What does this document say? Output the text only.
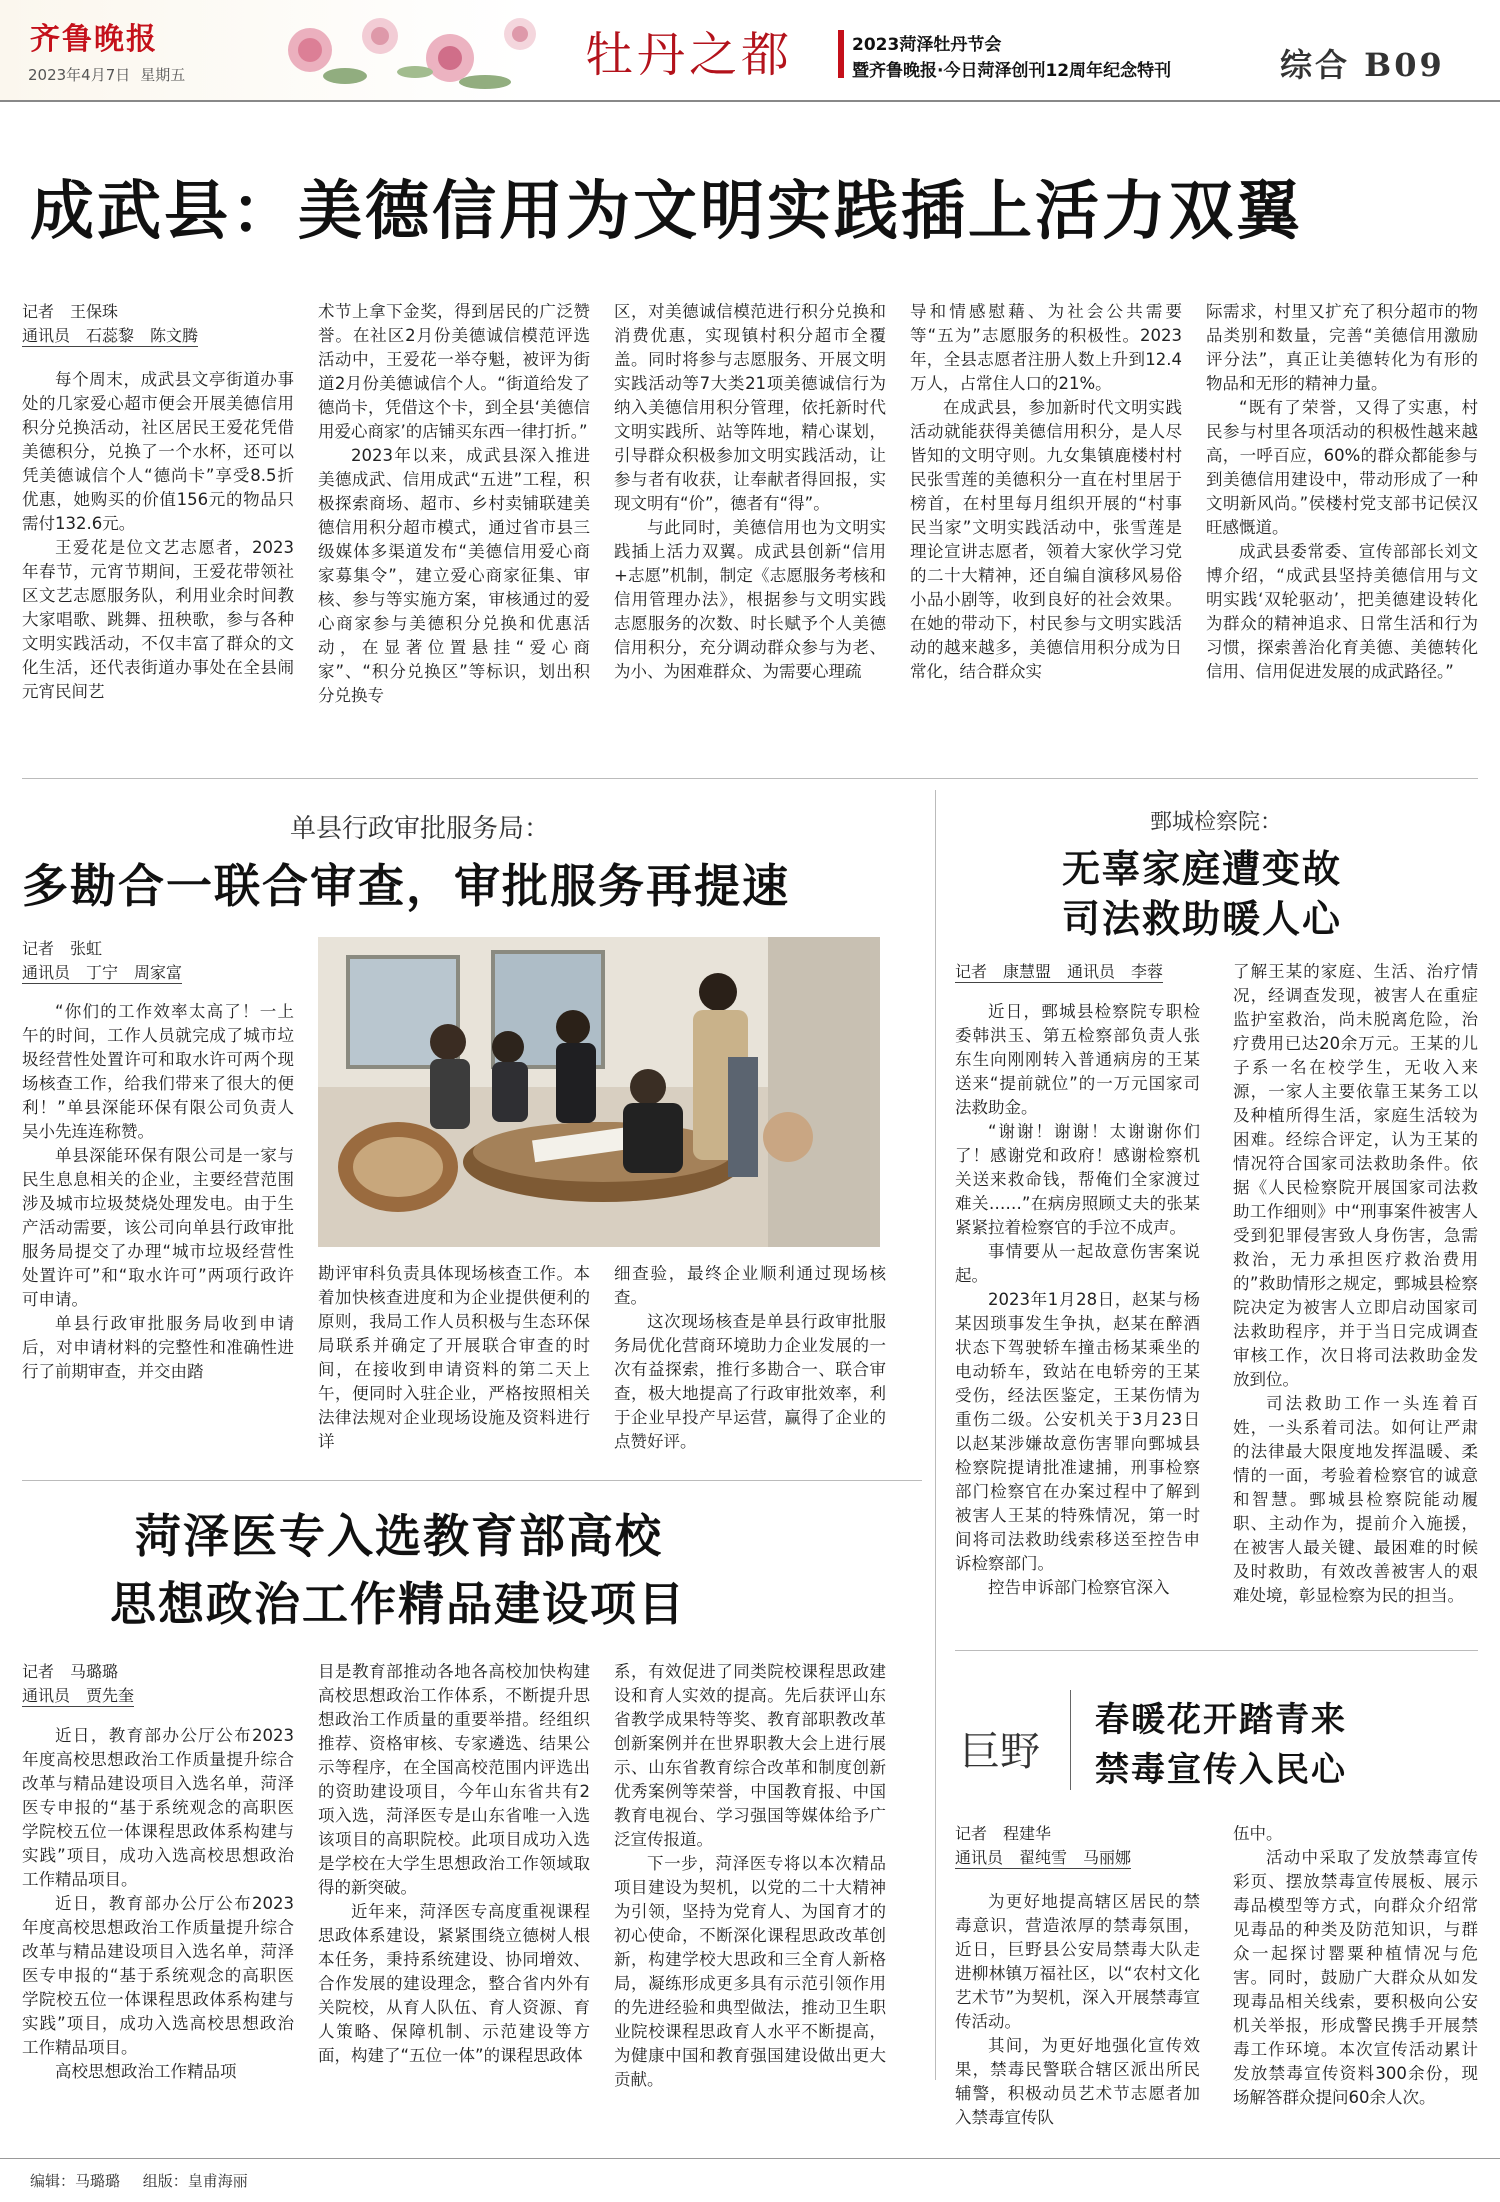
齐鲁晚报
2023年4月7日 星期五	牡丹之都	2023菏泽牡丹节会
暨齐鲁晚报·今日菏泽创刊12周年纪念特刊	综合 B09
成武县：美德信用为文明实践插上活力双翼
记者　王保珠
通讯员　石蕊黎　陈文腾

每个周末，成武县文亭街道办事处的几家爱心超市便会开展美德信用积分兑换活动，社区居民王爱花凭借美德积分，兑换了一个水杯，还可以凭美德诚信个人“德尚卡”享受8.5折优惠，她购买的价值156元的物品只需付132.6元。

王爱花是位文艺志愿者，2023年春节，元宵节期间，王爱花带领社区文艺志愿服务队，利用业余时间教大家唱歌、跳舞、扭秧歌，参与各种文明实践活动，不仅丰富了群众的文化生活，还代表街道办事处在全县闹元宵民间艺

术节上拿下金奖，得到居民的广泛赞誉。在社区2月份美德诚信模范评选活动中，王爱花一举夺魁，被评为街道2月份美德诚信个人。“街道给发了德尚卡，凭借这个卡，到全县‘美德信用爱心商家’的店铺买东西一律打折。”

2023年以来，成武县深入推进美德成武、信用成武“五进”工程，积极探索商场、超市、乡村卖铺联建美德信用积分超市模式，通过省市县三级媒体多渠道发布“美德信用爱心商家募集令”，建立爱心商家征集、审核、参与等实施方案，审核通过的爱心商家参与美德积分兑换和优惠活动，在显著位置悬挂“爱心商家”、“积分兑换区”等标识，划出积分兑换专

区，对美德诚信模范进行积分兑换和消费优惠，实现镇村积分超市全覆盖。同时将参与志愿服务、开展文明实践活动等7大类21项美德诚信行为纳入美德信用积分管理，依托新时代文明实践所、站等阵地，精心谋划，引导群众积极参加文明实践活动，让参与者有收获，让奉献者得回报，实现文明有“价”，德者有“得”。

与此同时，美德信用也为文明实践插上活力双翼。成武县创新“信用+志愿”机制，制定《志愿服务考核和信用管理办法》，根据参与文明实践志愿服务的次数、时长赋予个人美德信用积分，充分调动群众参与为老、为小、为困难群众、为需要心理疏

导和情感慰藉、为社会公共需要等“五为”志愿服务的积极性。2023年，全县志愿者注册人数上升到12.4万人，占常住人口的21%。

在成武县，参加新时代文明实践活动就能获得美德信用积分，是人尽皆知的文明守则。九女集镇鹿楼村村民张雪莲的美德积分一直在村里居于榜首，在村里每月组织开展的“村事民当家”文明实践活动中，张雪莲是理论宣讲志愿者，领着大家伙学习党的二十大精神，还自编自演移风易俗小品小剧等，收到良好的社会效果。在她的带动下，村民参与文明实践活动的越来越多，美德信用积分成为日常化，结合群众实

际需求，村里又扩充了积分超市的物品类别和数量，完善“美德信用激励评分法”，真正让美德转化为有形的物品和无形的精神力量。

“既有了荣誉，又得了实惠，村民参与村里各项活动的积极性越来越高，一呼百应，60%的群众都能参与到美德信用建设中，带动形成了一种文明新风尚。”侯楼村党支部书记侯汉旺感慨道。

成武县委常委、宣传部部长刘文博介绍，“成武县坚持美德信用与文明实践‘双轮驱动’，把美德建设转化为群众的精神追求、日常生活和行为习惯，探索善治化育美德、美德转化信用、信用促进发展的成武路径。”

单县行政审批服务局：
多勘合一联合审查，审批服务再提速
记者　张虹
通讯员　丁宁　周家富

“你们的工作效率太高了！一上午的时间，工作人员就完成了城市垃圾经营性处置许可和取水许可两个现场核查工作，给我们带来了很大的便利！”单县深能环保有限公司负责人吴小先连连称赞。

单县深能环保有限公司是一家与民生息息相关的企业，主要经营范围涉及城市垃圾焚烧处理发电。由于生产活动需要，该公司向单县行政审批服务局提交了办理“城市垃圾经营性处置许可”和“取水许可”两项行政许可申请。

单县行政审批服务局收到申请后，对申请材料的完整性和准确性进行了前期审查，并交由踏

勘评审科负责具体现场核查工作。本着加快核查进度和为企业提供便利的原则，我局工作人员积极与生态环保局联系并确定了开展联合审查的时间，在接收到申请资料的第二天上午，便同时入驻企业，严格按照相关法律法规对企业现场设施及资料进行详

细查验，最终企业顺利通过现场核查。

这次现场核查是单县行政审批服务局优化营商环境助力企业发展的一次有益探索，推行多勘合一、联合审查，极大地提高了行政审批效率，利于企业早投产早运营，赢得了企业的点赞好评。

鄄城检察院：
无辜家庭遭变故
司法救助暖人心
记者　康慧盟　通讯员　李蓉

近日，鄄城县检察院专职检委韩洪玉、第五检察部负责人张东生向刚刚转入普通病房的王某送来“提前就位”的一万元国家司法救助金。

“谢谢！谢谢！太谢谢你们了！感谢党和政府！感谢检察机关送来救命钱，帮俺们全家渡过难关……”在病房照顾丈夫的张某紧紧拉着检察官的手泣不成声。

事情要从一起故意伤害案说起。

2023年1月28日，赵某与杨某因琐事发生争执，赵某在醉酒状态下驾驶轿车撞击杨某乘坐的电动轿车，致站在电轿旁的王某受伤，经法医鉴定，王某伤情为重伤二级。公安机关于3月23日以赵某涉嫌故意伤害罪向鄄城县检察院提请批准逮捕，刑事检察部门检察官在办案过程中了解到被害人王某的特殊情况，第一时间将司法救助线索移送至控告申诉检察部门。

控告申诉部门检察官深入

了解王某的家庭、生活、治疗情况，经调查发现，被害人在重症监护室救治，尚未脱离危险，治疗费用已达20余万元。王某的儿子系一名在校学生，无收入来源，一家人主要依靠王某务工以及种植所得生活，家庭生活较为困难。经综合评定，认为王某的情况符合国家司法救助条件。依据《人民检察院开展国家司法救助工作细则》中“刑事案件被害人受到犯罪侵害致人身伤害，急需救治，无力承担医疗救治费用的”救助情形之规定，鄄城县检察院决定为被害人立即启动国家司法救助程序，并于当日完成调查审核工作，次日将司法救助金发放到位。

司法救助工作一头连着百姓，一头系着司法。如何让严肃的法律最大限度地发挥温暖、柔情的一面，考验着检察官的诚意和智慧。鄄城县检察院能动履职、主动作为，提前介入施援，在被害人最关键、最困难的时候及时救助，有效改善被害人的艰难处境，彰显检察为民的担当。

菏泽医专入选教育部高校
思想政治工作精品建设项目
记者　马璐璐
通讯员　贾先奎

近日，教育部办公厅公布2023年度高校思想政治工作质量提升综合改革与精品建设项目入选名单，菏泽医专申报的“基于系统观念的高职医学院校五位一体课程思政体系构建与实践”项目，成功入选高校思想政治工作精品项目。

近日，教育部办公厅公布2023年度高校思想政治工作质量提升综合改革与精品建设项目入选名单，菏泽医专申报的“基于系统观念的高职医学院校五位一体课程思政体系构建与实践”项目，成功入选高校思想政治工作精品项目。

高校思想政治工作精品项

目是教育部推动各地各高校加快构建高校思想政治工作体系，不断提升思想政治工作质量的重要举措。经组织推荐、资格审核、专家遴选、结果公示等程序，在全国高校范围内评选出的资助建设项目，今年山东省共有2项入选，菏泽医专是山东省唯一入选该项目的高职院校。此项目成功入选是学校在大学生思想政治工作领域取得的新突破。

近年来，菏泽医专高度重视课程思政体系建设，紧紧围绕立德树人根本任务，秉持系统建设、协同增效、合作发展的建设理念，整合省内外有关院校，从育人队伍、育人资源、育人策略、保障机制、示范建设等方面，构建了“五位一体”的课程思政体

系，有效促进了同类院校课程思政建设和育人实效的提高。先后获评山东省教学成果特等奖、教育部职教改革创新案例并在世界职教大会上进行展示、山东省教育综合改革和制度创新优秀案例等荣誉，中国教育报、中国教育电视台、学习强国等媒体给予广泛宣传报道。

下一步，菏泽医专将以本次精品项目建设为契机，以党的二十大精神为引领，坚持为党育人、为国育才的初心使命，不断深化课程思政改革创新，构建学校大思政和三全育人新格局，凝练形成更多具有示范引领作用的先进经验和典型做法，推动卫生职业院校课程思政育人水平不断提高，为健康中国和教育强国建设做出更大贡献。

巨野
春暖花开踏青来
禁毒宣传入民心
记者　程建华
通讯员　翟纯雪　马丽娜

为更好地提高辖区居民的禁毒意识，营造浓厚的禁毒氛围，近日，巨野县公安局禁毒大队走进柳林镇万福社区，以“农村文化艺术节”为契机，深入开展禁毒宣传活动。

其间，为更好地强化宣传效果，禁毒民警联合辖区派出所民辅警，积极动员艺术节志愿者加入禁毒宣传队

伍中。

活动中采取了发放禁毒宣传彩页、摆放禁毒宣传展板、展示毒品模型等方式，向群众介绍常见毒品的种类及防范知识，与群众一起探讨罂粟种植情况与危害。同时，鼓励广大群众从如发现毒品相关线索，要积极向公安机关举报，形成警民携手开展禁毒工作环境。本次宣传活动累计发放禁毒宣传资料300余份，现场解答群众提问60余人次。

编辑：马璐璐 组版：皇甫海丽
